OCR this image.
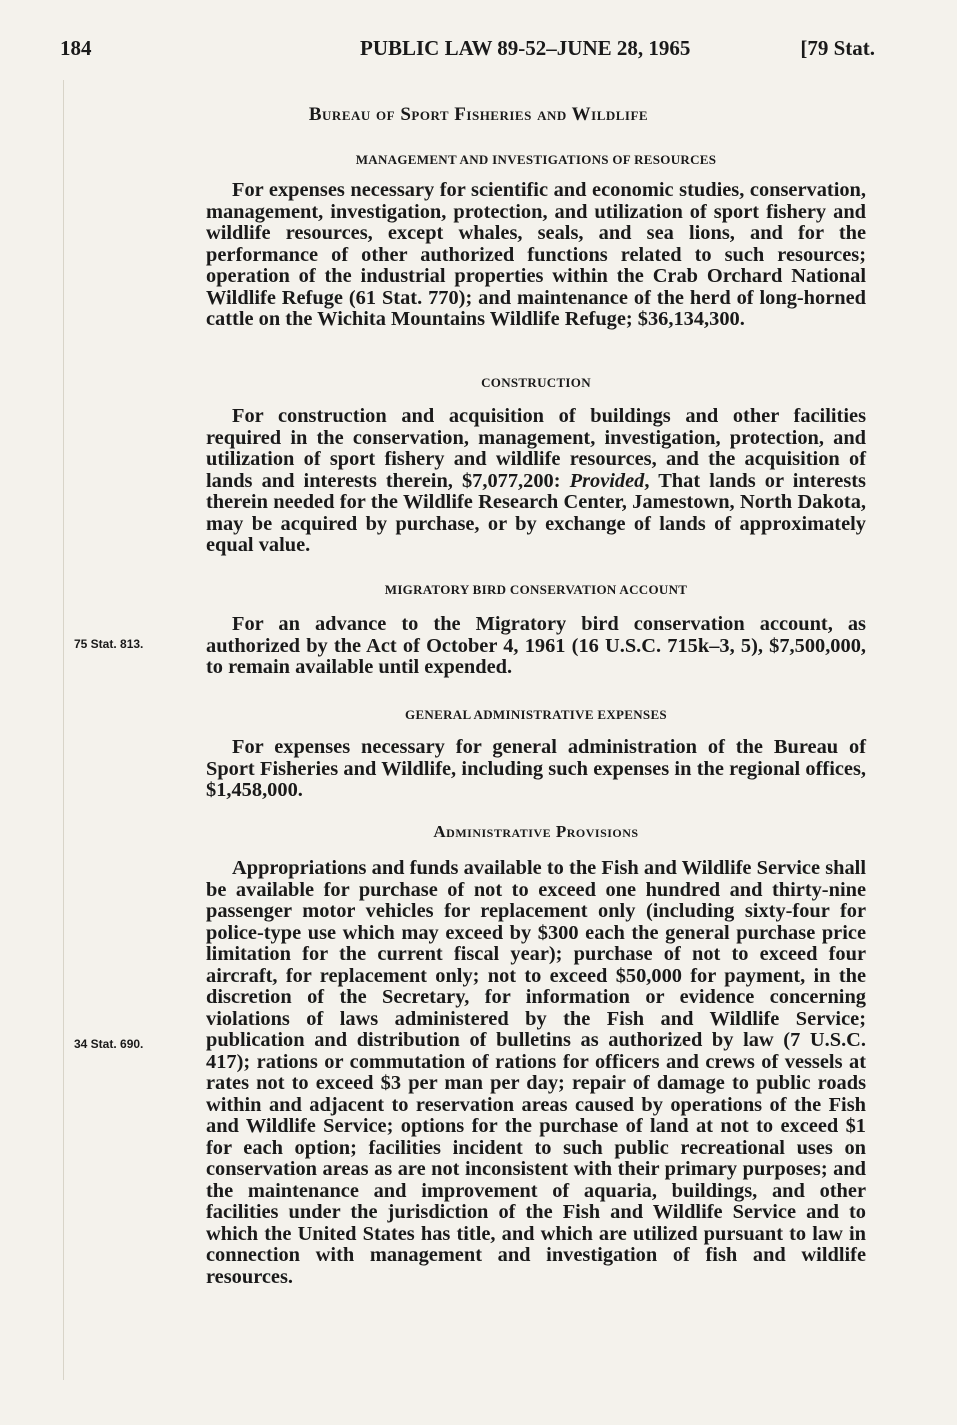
184	PUBLIC LAW 89-52–JUNE 28, 1965	[79 Stat.
Bureau of Sport Fisheries and Wildlife
MANAGEMENT AND INVESTIGATIONS OF RESOURCES

For expenses necessary for scientific and economic studies, conservation, management, investigation, protection, and utilization of sport fishery and wildlife resources, except whales, seals, and sea lions, and for the performance of other authorized functions related to such resources; operation of the industrial properties within the Crab Orchard National Wildlife Refuge (61 Stat. 770); and maintenance of the herd of long-horned cattle on the Wichita Mountains Wildlife Refuge; $36,134,300.

CONSTRUCTION

For construction and acquisition of buildings and other facilities required in the conservation, management, investigation, protection, and utilization of sport fishery and wildlife resources, and the acquisition of lands and interests therein, $7,077,200: Provided, That lands or interests therein needed for the Wildlife Research Center, Jamestown, North Dakota, may be acquired by purchase, or by exchange of lands of approximately equal value.

MIGRATORY BIRD CONSERVATION ACCOUNT
75 Stat. 813.

For an advance to the Migratory bird conservation account, as authorized by the Act of October 4, 1961 (16 U.S.C. 715k–3, 5), $7,500,000, to remain available until expended.

GENERAL ADMINISTRATIVE EXPENSES

For expenses necessary for general administration of the Bureau of Sport Fisheries and Wildlife, including such expenses in the regional offices, $1,458,000.

Administrative Provisions
34 Stat. 690.

Appropriations and funds available to the Fish and Wildlife Service shall be available for purchase of not to exceed one hundred and thirty-nine passenger motor vehicles for replacement only (including sixty-four for police-type use which may exceed by $300 each the general purchase price limitation for the current fiscal year); purchase of not to exceed four aircraft, for replacement only; not to exceed $50,000 for payment, in the discretion of the Secretary, for information or evidence concerning violations of laws administered by the Fish and Wildlife Service; publication and distribution of bulletins as authorized by law (7 U.S.C. 417); rations or commutation of rations for officers and crews of vessels at rates not to exceed $3 per man per day; repair of damage to public roads within and adjacent to reservation areas caused by operations of the Fish and Wildlife Service; options for the purchase of land at not to exceed $1 for each option; facilities incident to such public recreational uses on conservation areas as are not inconsistent with their primary purposes; and the maintenance and improvement of aquaria, buildings, and other facilities under the jurisdiction of the Fish and Wildlife Service and to which the United States has title, and which are utilized pursuant to law in connection with management and investigation of fish and wildlife resources.
